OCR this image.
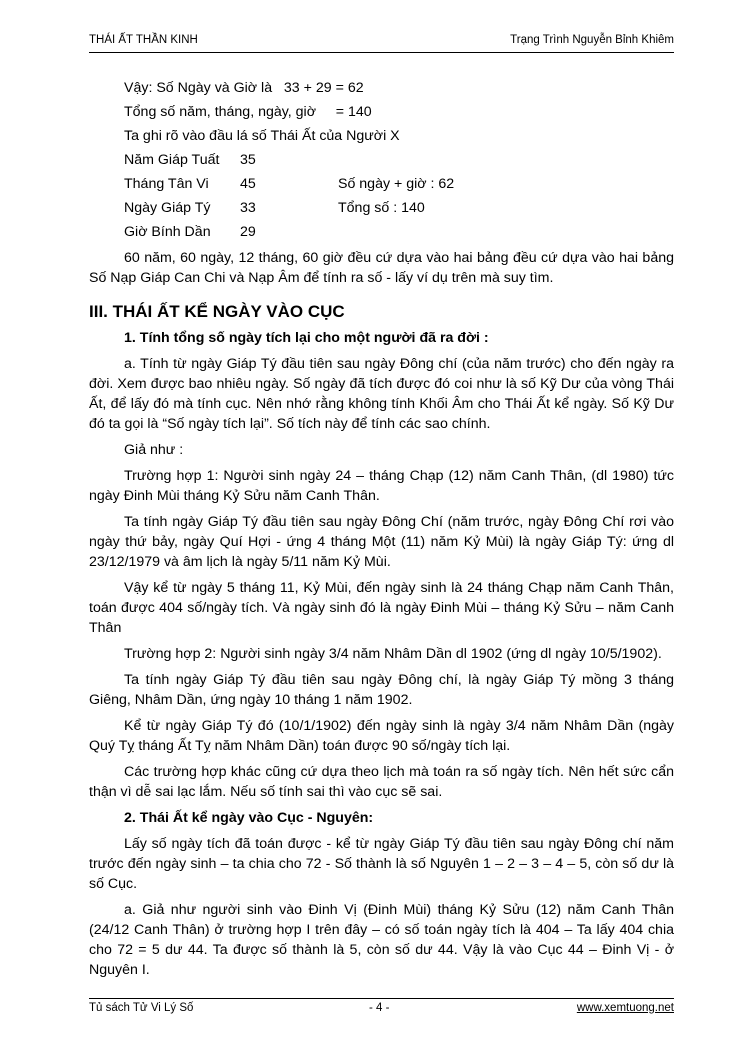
THÁI ẤT THẦN KINH	Trạng Trình Nguyễn Bỉnh Khiêm

Vậy: Số Ngày và Giờ là   33 + 29 = 62

Tổng số năm, tháng, ngày, giờ     = 140

Ta ghi rõ vào đầu lá số Thái Ất của Người X

Năm Giáp Tuất	35
Tháng Tân Vi	45	Số ngày + giờ : 62
Ngày Giáp Tý	33	Tổng số : 140
Giờ Bính Dần	29

60 năm, 60 ngày, 12 tháng, 60 giờ đều cứ dựa vào hai bảng đều cứ dựa vào hai bảng Số Nạp Giáp Can Chi và Nạp Âm để tính ra số - lấy ví dụ trên mà suy tìm.

III. THÁI ẤT KỂ NGÀY VÀO CỤC

1. Tính tổng số ngày tích lại cho một người đã ra đời :

a. Tính từ ngày Giáp Tý đầu tiên sau ngày Đông chí (của năm trước) cho đến ngày ra đời. Xem được bao nhiêu ngày. Số ngày đã tích được đó coi như là số Kỹ Dư của vòng Thái Ất, để lấy đó mà tính cục. Nên nhớ rằng không tính Khối Âm cho Thái Ất kể ngày. Số Kỹ Dư đó ta gọi là “Số ngày tích lại”. Số tích này để tính các sao chính.

Giả như :

Trường hợp 1: Người sinh ngày 24 – tháng Chạp (12) năm Canh Thân, (dl 1980) tức ngày Đinh Mùi tháng Kỷ Sửu năm Canh Thân.

Ta tính ngày Giáp Tý đầu tiên sau ngày Đông Chí (năm trước, ngày Đông Chí rơi vào ngày thứ bảy, ngày Quí Hợi - ứng 4 tháng Một (11) năm Kỷ Mùi) là ngày Giáp Tý: ứng dl 23/12/1979 và âm lịch là ngày 5/11 năm Kỷ Mùi.

Vậy kể từ ngày 5 tháng 11, Kỷ Mùi, đến ngày sinh là 24 tháng Chạp năm Canh Thân, toán được 404 số/ngày tích. Và ngày sinh đó là ngày Đinh Mùi – tháng Kỷ Sửu – năm Canh Thân

Trường hợp 2: Người sinh ngày 3/4 năm Nhâm Dần dl 1902 (ứng dl ngày 10/5/1902).

Ta tính ngày Giáp Tý đầu tiên sau ngày Đông chí, là ngày Giáp Tý mồng 3 tháng Giêng, Nhâm Dần, ứng ngày 10 tháng 1 năm 1902.

Kể từ ngày Giáp Tý đó (10/1/1902) đến ngày sinh là ngày 3/4 năm Nhâm Dần (ngày Quý Tỵ tháng Ất Tỵ năm Nhâm Dần) toán được 90 số/ngày tích lại.

Các trường hợp khác cũng cứ dựa theo lịch mà toán ra số ngày tích. Nên hết sức cẩn thận vì dễ sai lạc lắm. Nếu số tính sai thì vào cục sẽ sai.

2. Thái Ất kể ngày vào Cục - Nguyên:

Lấy số ngày tích đã toán được - kể từ ngày Giáp Tý đầu tiên sau ngày Đông chí năm trước đến ngày sinh – ta chia cho 72 - Số thành là số Nguyên 1 – 2 – 3 – 4 – 5, còn số dư là số Cục.

a. Giả như người sinh vào Đinh Vị (Đinh Mùi) tháng Kỷ Sửu (12) năm Canh Thân (24/12 Canh Thân) ở trường hợp I trên đây – có số toán ngày tích là 404 – Ta lấy 404 chia cho 72 = 5 dư 44. Ta được số thành là 5, còn số dư 44. Vậy là vào Cục 44 – Đinh Vị - ở Nguyên I.

Tủ sách Tử Vi Lý Số	- 4 -	www.xemtuong.net
